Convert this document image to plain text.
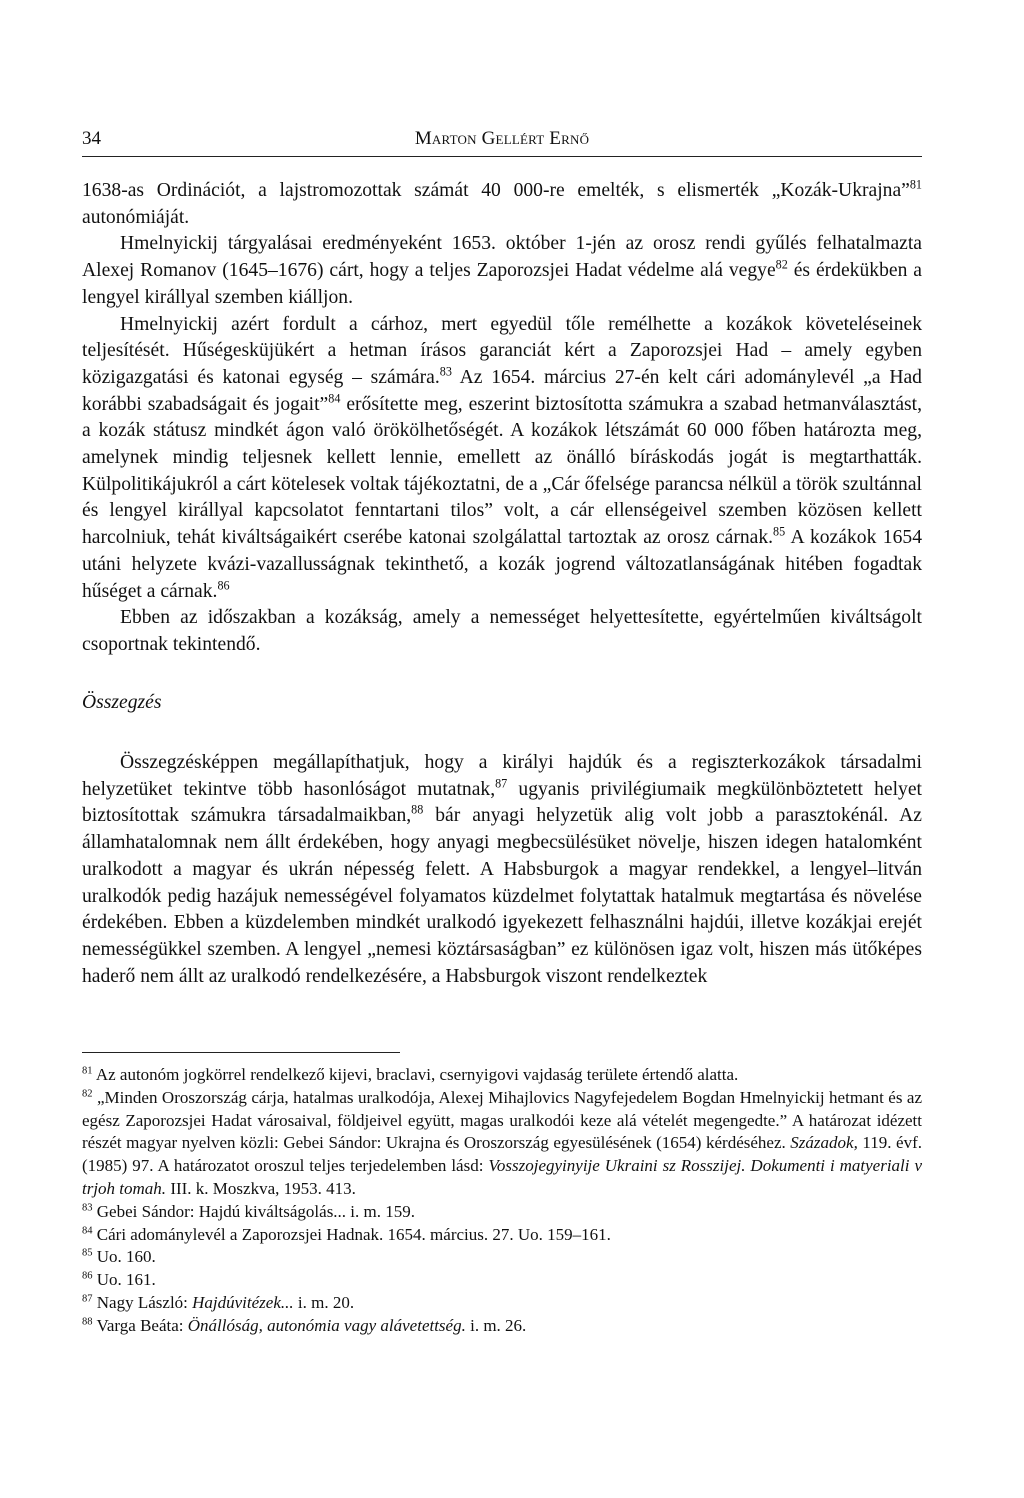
34	Marton Gellért Ernő

1638-as Ordinációt, a lajstromozottak számát 40 000-re emelték, s elismerték „Kozák-Ukrajna”$^{81}$ autonómiáját.

Hmelnyickij tárgyalásai eredményeként 1653. október 1-jén az orosz rendi gyűlés felhatalmazta Alexej Romanov (1645–1676) cárt, hogy a teljes Zaporozsjei Hadat védelme alá vegye$^{82}$ és érdekükben a lengyel királlyal szemben kiálljon.

Hmelnyickij azért fordult a cárhoz, mert egyedül tőle remélhette a kozákok követeléseinek teljesítését. Hűségesküjükért a hetman írásos garanciát kért a Zaporozsjei Had – amely egyben közigazgatási és katonai egység – számára.$^{83}$ Az 1654. március 27-én kelt cári adománylevél „a Had korábbi szabadságait és jogait”$^{84}$ erősítette meg, eszerint biztosította számukra a szabad hetmanválasztást, a kozák státusz mindkét ágon való örökölhetőségét. A kozákok létszámát 60 000 főben határozta meg, amelynek mindig teljesnek kellett lennie, emellett az önálló bíráskodás jogát is megtarthatták. Külpolitikájukról a cárt kötelesek voltak tájékoztatni, de a „Cár őfelsége parancsa nélkül a török szultánnal és lengyel királlyal kapcsolatot fenntartani tilos” volt, a cár ellenségeivel szemben közösen kellett harcolniuk, tehát kiváltságaikért cserébe katonai szolgálattal tartoztak az orosz cárnak.$^{85}$ A kozákok 1654 utáni helyzete kvázi-vazallusságnak tekinthető, a kozák jogrend változatlanságának hitében fogadtak hűséget a cárnak.$^{86}$

Ebben az időszakban a kozákság, amely a nemességet helyettesítette, egyértelműen kiváltságolt csoportnak tekintendő.

Összegzés

Összegzésképpen megállapíthatjuk, hogy a királyi hajdúk és a regiszterkozákok társadalmi helyzetüket tekintve több hasonlóságot mutatnak,$^{87}$ ugyanis privilégiumaik megkülönböztetett helyet biztosítottak számukra társadalmaikban,$^{88}$ bár anyagi helyzetük alig volt jobb a parasztokénál. Az államhatalomnak nem állt érdekében, hogy anyagi megbecsülésüket növelje, hiszen idegen hatalomként uralkodott a magyar és ukrán népesség felett. A Habsburgok a magyar rendekkel, a lengyel–litván uralkodók pedig hazájuk nemességével folyamatos küzdelmet folytattak hatalmuk megtartása és növelése érdekében. Ebben a küzdelemben mindkét uralkodó igyekezett felhasználni hajdúi, illetve kozákjai erejét nemességükkel szemben. A lengyel „nemesi köztársaságban” ez különösen igaz volt, hiszen más ütőképes haderő nem állt az uralkodó rendelkezésére, a Habsburgok viszont rendelkeztek

$^{81}$ Az autonóm jogkörrel rendelkező kijevi, braclavi, csernyigovi vajdaság területe értendő alatta.

$^{82}$ „Minden Oroszország cárja, hatalmas uralkodója, Alexej Mihajlovics Nagyfejedelem Bogdan Hmelnyickij hetmant és az egész Zaporozsjei Hadat városaival, földjeivel együtt, magas uralkodói keze alá vételét megengedte.” A határozat idézett részét magyar nyelven közli: Gebei Sándor: Ukrajna és Oroszország egyesülésének (1654) kérdéséhez. Századok, 119. évf. (1985) 97. A határozatot oroszul teljes terjedelemben lásd: Vosszojegyinyije Ukraini sz Rosszijej. Dokumenti i matyeriali v trjoh tomah. III. k. Moszkva, 1953. 413.

$^{83}$ Gebei Sándor: Hajdú kiváltságolás... i. m. 159.

$^{84}$ Cári adománylevél a Zaporozsjei Hadnak. 1654. március. 27. Uo. 159–161.

$^{85}$ Uo. 160.

$^{86}$ Uo. 161.

$^{87}$ Nagy László: Hajdúvitézek... i. m. 20.

$^{88}$ Varga Beáta: Önállóság, autonómia vagy alávetettség. i. m. 26.
